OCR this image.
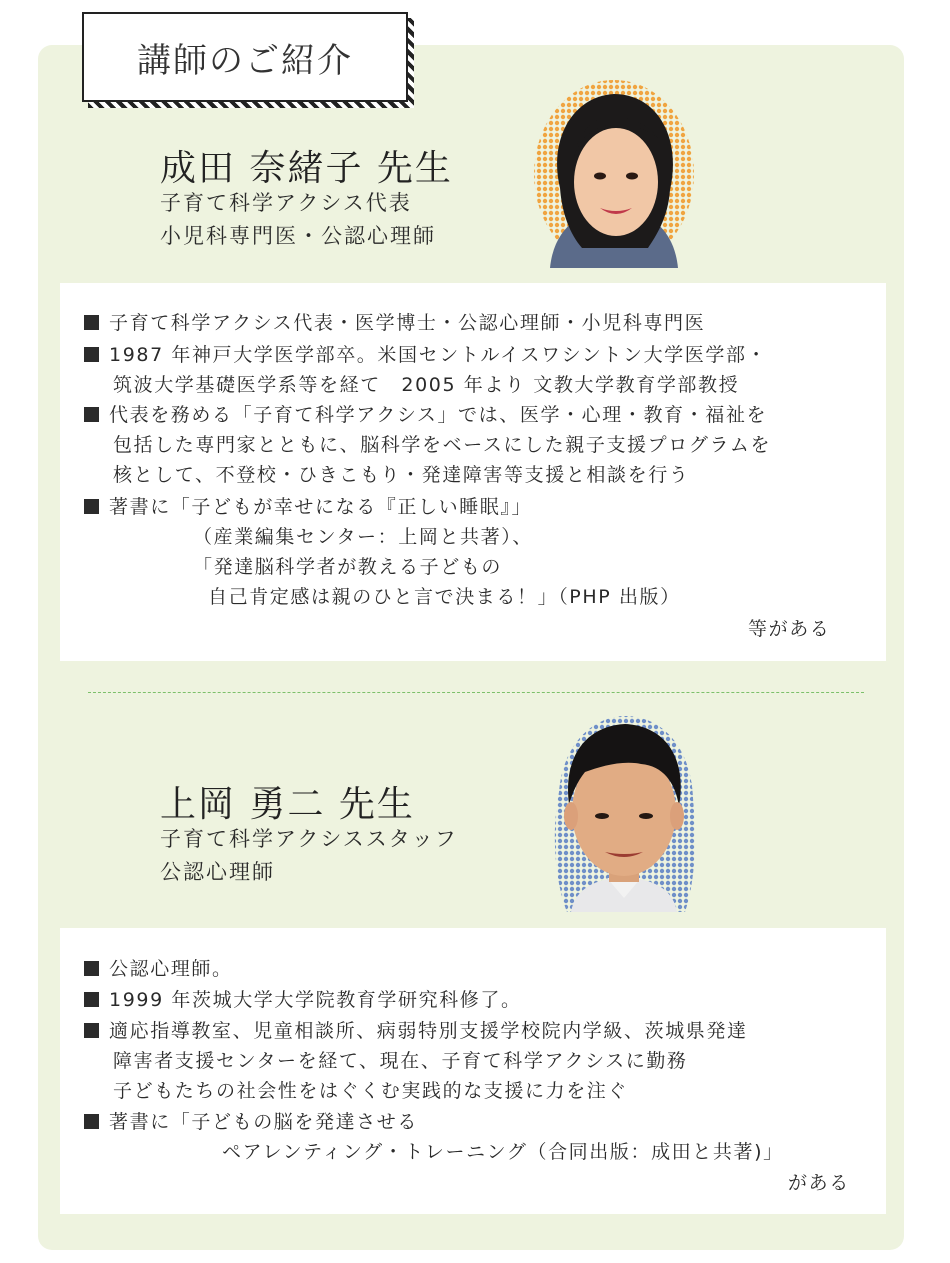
講師のご紹介
成田 奈緒子 先生
子育て科学アクシス代表
小児科専門医・公認心理師
子育て科学アクシス代表・医学博士・公認心理師・小児科専門医
1987 年神戸大学医学部卒。米国セントルイスワシントン大学医学部・
筑波大学基礎医学系等を経て　2005 年より 文教大学教育学部教授
代表を務める「子育て科学アクシス」では、医学・心理・教育・福祉を
包括した専門家とともに、脳科学をベースにした親子支援プログラムを
核として、不登校・ひきこもり・発達障害等支援と相談を行う
著書に「子どもが幸せになる『正しい睡眠』」
（産業編集センター：上岡と共著）、
「発達脳科学者が教える子どもの
自己肯定感は親のひと言で決まる！」（PHP 出版）
等がある
上岡 勇二 先生
子育て科学アクシススタッフ
公認心理師
公認心理師。
1999 年茨城大学大学院教育学研究科修了。
適応指導教室、児童相談所、病弱特別支援学校院内学級、茨城県発達
障害者支援センターを経て、現在、子育て科学アクシスに勤務
子どもたちの社会性をはぐくむ実践的な支援に力を注ぐ
著書に「子どもの脳を発達させる
ペアレンティング・トレーニング（合同出版：成田と共著)」
がある
